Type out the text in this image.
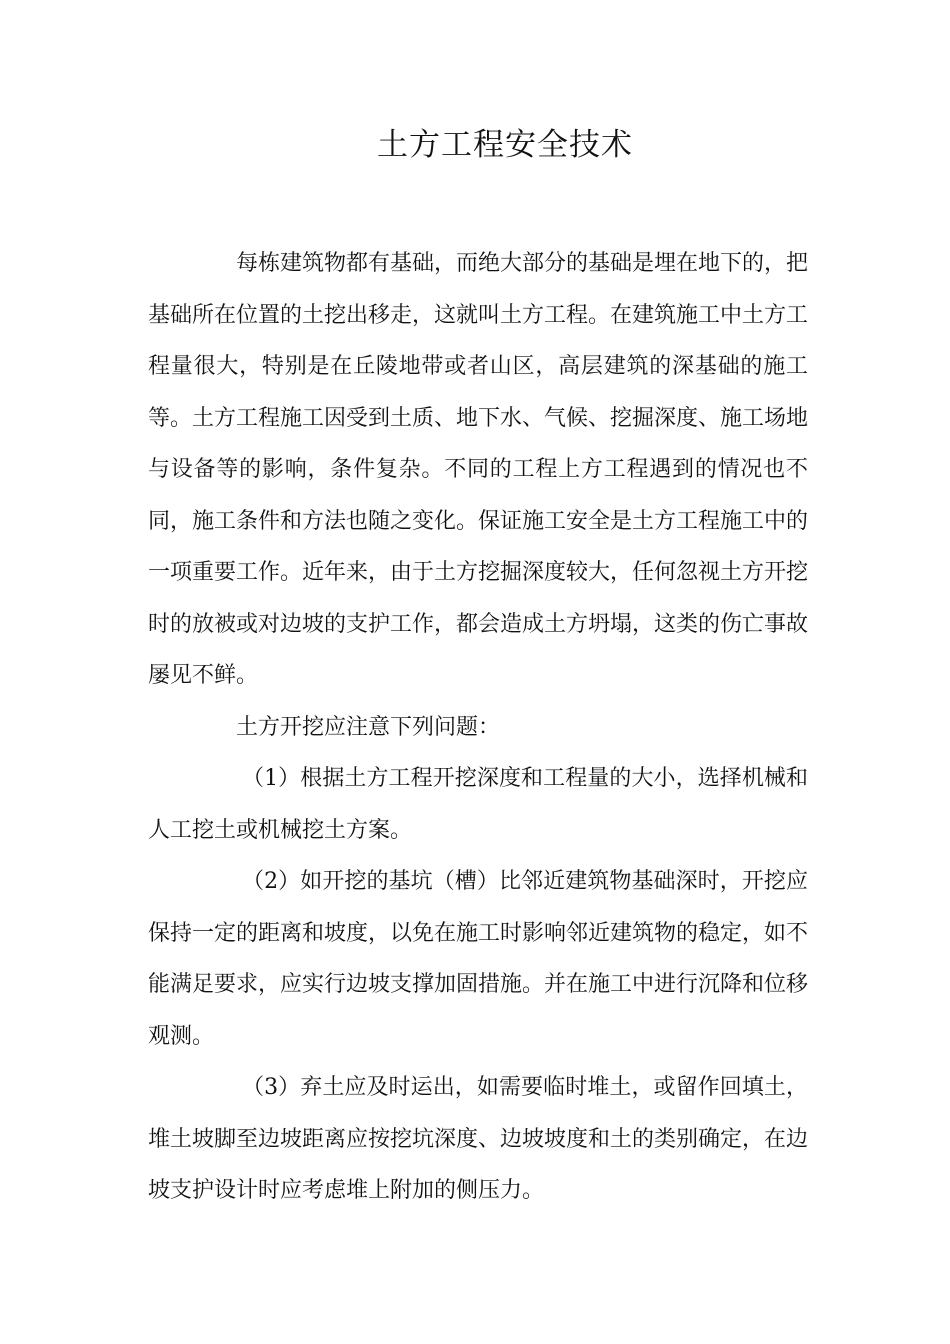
土方工程安全技术

每栋建筑物都有基础，而绝大部分的基础是埋在地下的，把基础所在位置的土挖出移走，这就叫土方工程。在建筑施工中土方工程量很大，特别是在丘陵地带或者山区，高层建筑的深基础的施工等。土方工程施工因受到土质、地下水、气候、挖掘深度、施工场地与设备等的影响，条件复杂。不同的工程上方工程遇到的情况也不同，施工条件和方法也随之变化。保证施工安全是土方工程施工中的一项重要工作。近年来，由于土方挖掘深度较大，任何忽视土方开挖时的放被或对边坡的支护工作，都会造成土方坍塌，这类的伤亡事故屡见不鲜。

土方开挖应注意下列问题：

（1）根据土方工程开挖深度和工程量的大小，选择机械和人工挖土或机械挖土方案。

（2）如开挖的基坑（槽）比邻近建筑物基础深时，开挖应保持一定的距离和坡度，以免在施工时影响邻近建筑物的稳定，如不能满足要求，应实行边坡支撑加固措施。并在施工中进行沉降和位移观测。

（3）弃土应及时运出，如需要临时堆土，或留作回填土，堆土坡脚至边坡距离应按挖坑深度、边坡坡度和土的类别确定，在边坡支护设计时应考虑堆上附加的侧压力。
